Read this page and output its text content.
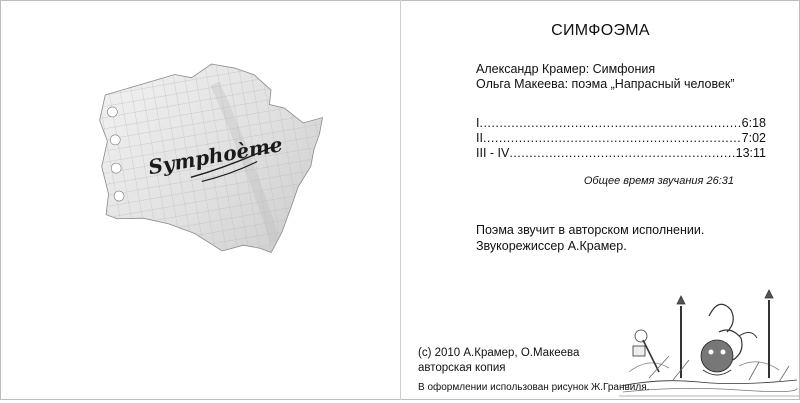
Symphoème
СИМФОЭМА
Александр Крамер: Симфония
Ольга Макеева: поэма „Напрасный человек”
I .....	6:18
II .....	7:02
III - IV .....	13:11
Общее время звучания 26:31
Поэма звучит в авторском исполнении.
Звукорежиссер А.Крамер.
(с) 2010 А.Крамер, О.Макеева
авторская копия
В оформлении использован рисунок Ж.Гранвиля.
